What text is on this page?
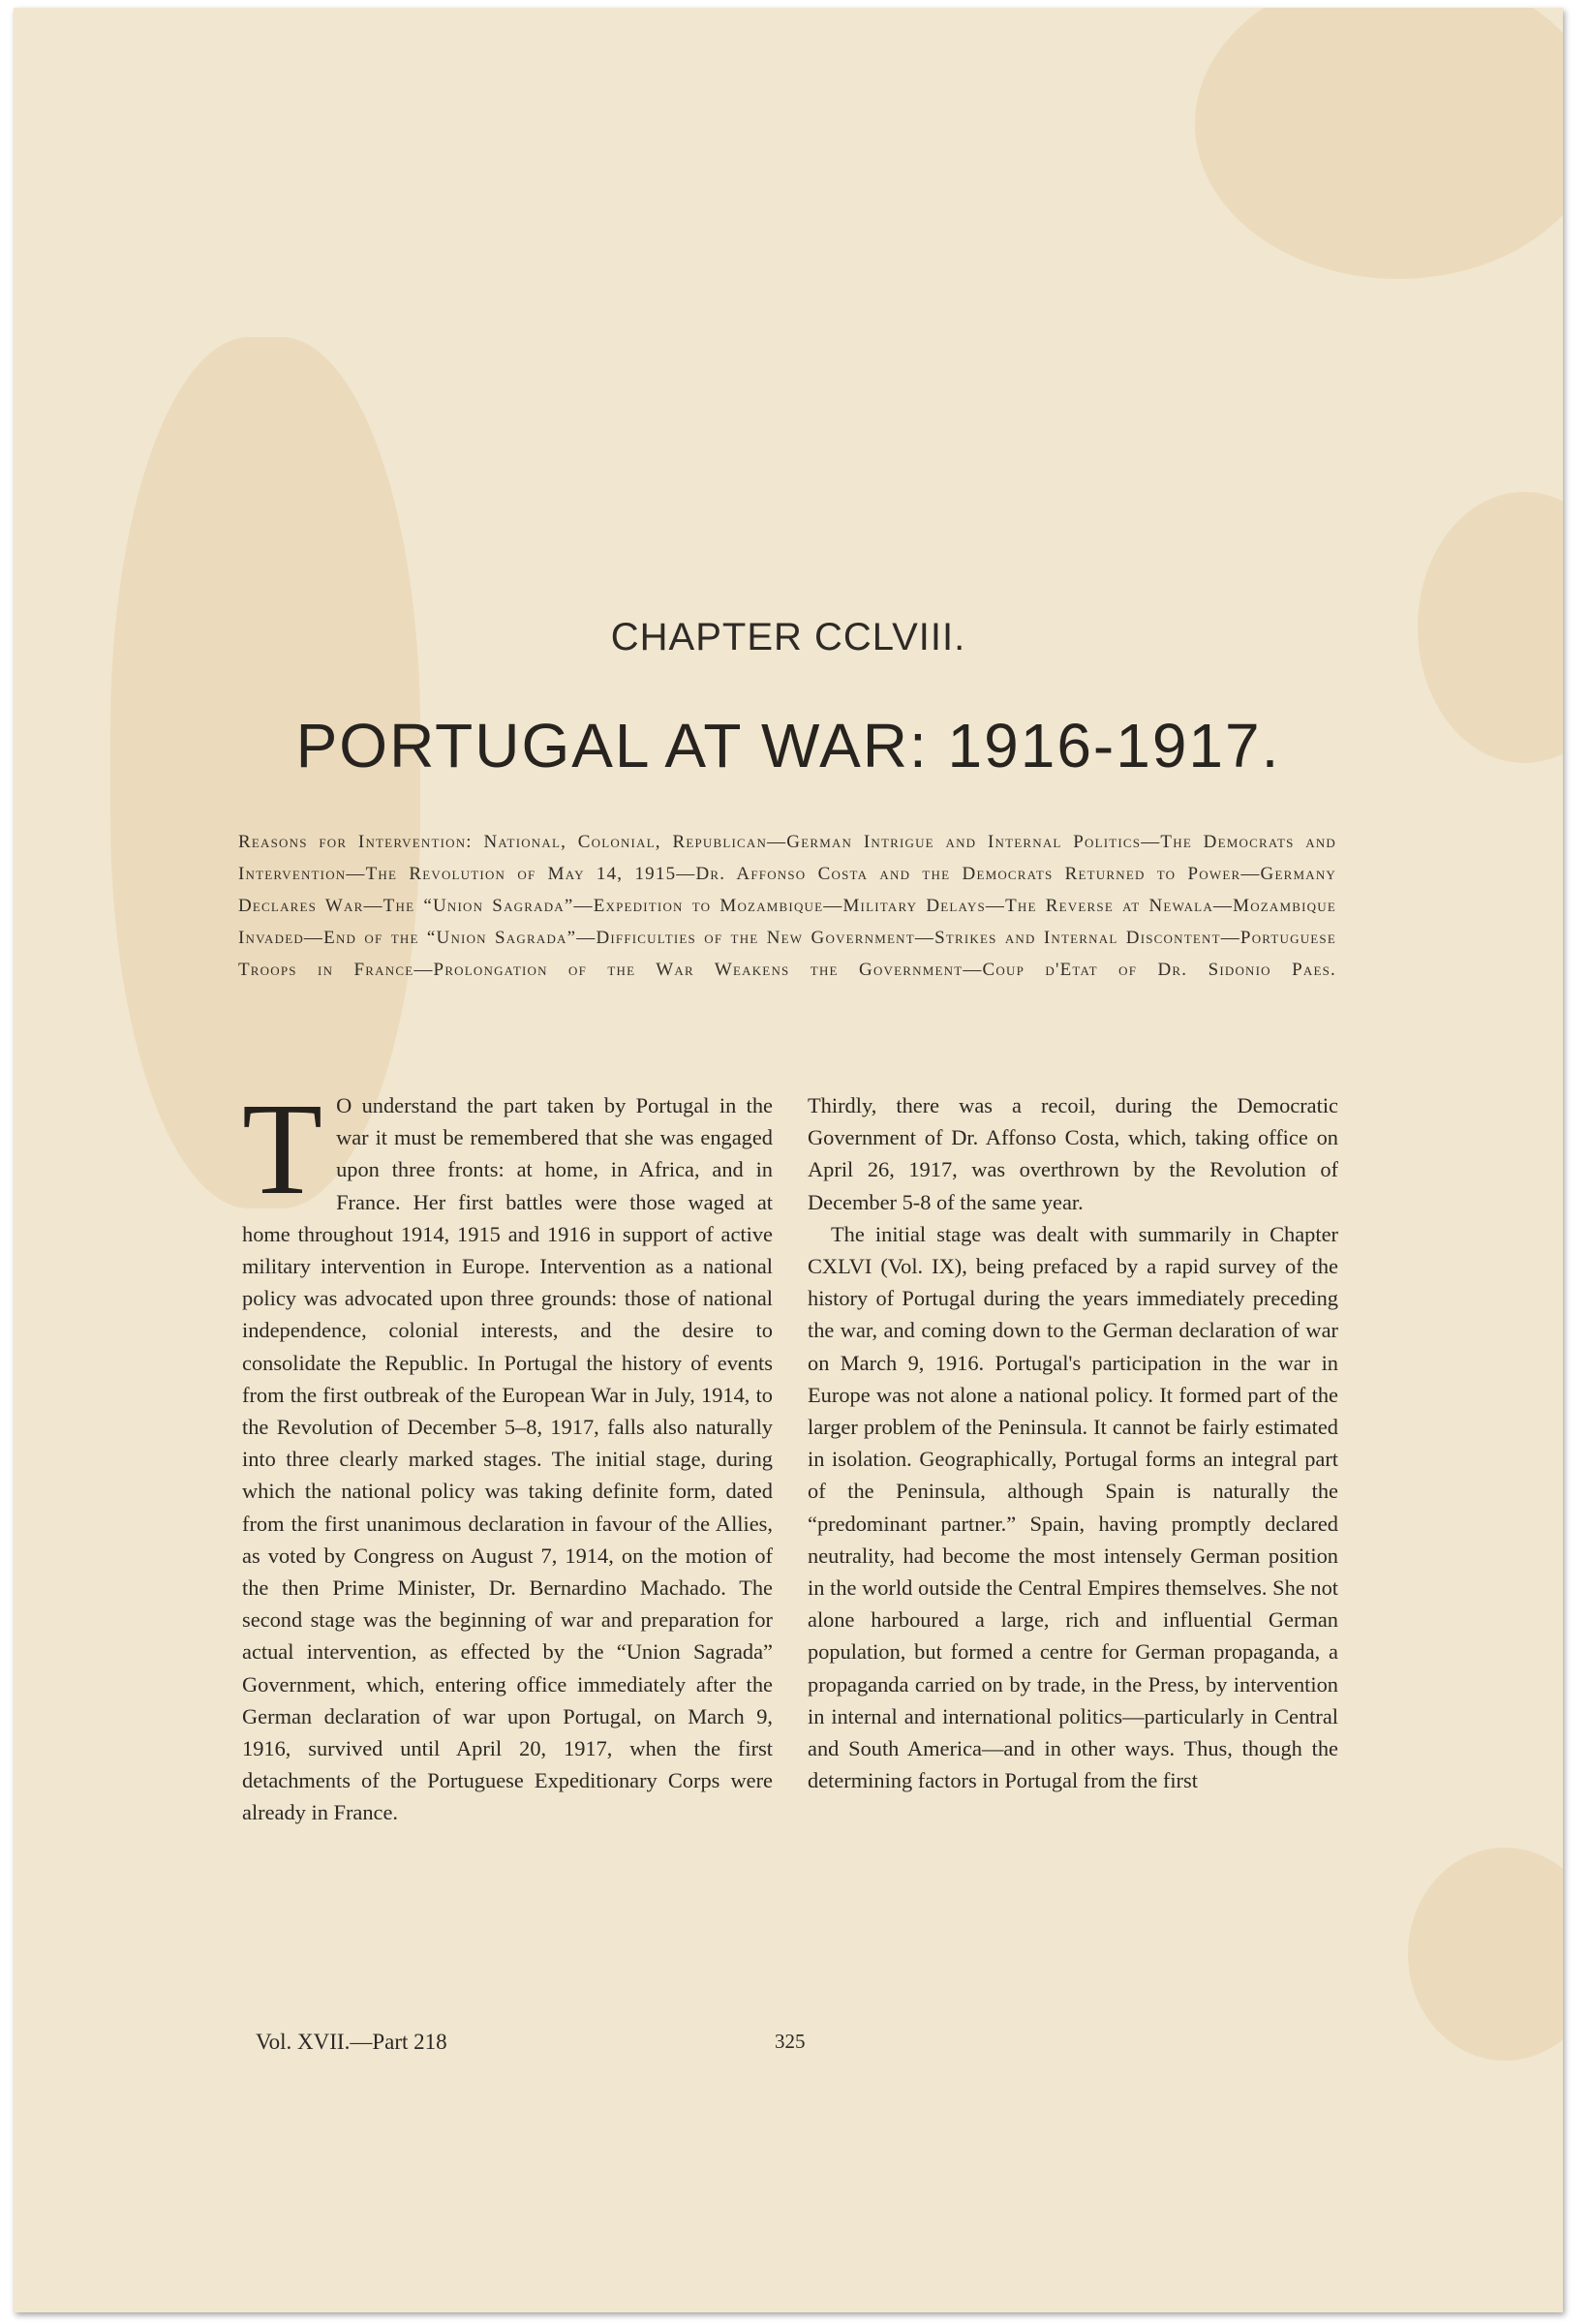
CHAPTER CCLVIII.
PORTUGAL AT WAR: 1916-1917.
Reasons for Intervention: National, Colonial, Republican—German Intrigue and Internal Politics—The Democrats and Intervention—The Revolution of May 14, 1915—Dr. Affonso Costa and the Democrats Returned to Power—Germany Declares War—The “Union Sagrada”—Expedition to Mozambique—Military Delays—The Reverse at Newala—Mozambique Invaded—End of the “Union Sagrada”—Difficulties of the New Government—Strikes and Internal Discontent—Portuguese Troops in France—Prolongation of the War Weakens the Government—Coup d'Etat of Dr. Sidonio Paes.

T O understand the part taken by Portugal in the war it must be remembered that she was engaged upon three fronts: at home, in Africa, and in France. Her first battles were those waged at home throughout 1914, 1915 and 1916 in support of active military intervention in Europe. Intervention as a national policy was advocated upon three grounds: those of national independence, colonial interests, and the desire to consolidate the Republic. In Portugal the history of events from the first outbreak of the European War in July, 1914, to the Revolution of December 5–8, 1917, falls also naturally into three clearly marked stages. The initial stage, during which the national policy was taking definite form, dated from the first unanimous declaration in favour of the Allies, as voted by Congress on August 7, 1914, on the motion of the then Prime Minister, Dr. Bernardino Machado. The second stage was the beginning of war and preparation for actual intervention, as effected by the “Union Sagrada” Government, which, entering office immediately after the German declaration of war upon Portugal, on March 9, 1916, survived until April 20, 1917, when the first detachments of the Portuguese Expeditionary Corps were already in France.

Thirdly, there was a recoil, during the Democratic Government of Dr. Affonso Costa, which, taking office on April 26, 1917, was overthrown by the Revolution of December 5-8 of the same year.

The initial stage was dealt with summarily in Chapter CXLVI (Vol. IX), being prefaced by a rapid survey of the history of Portugal during the years immediately preceding the war, and coming down to the German declaration of war on March 9, 1916. Portugal's participation in the war in Europe was not alone a national policy. It formed part of the larger problem of the Peninsula. It cannot be fairly estimated in isolation. Geographically, Portugal forms an integral part of the Peninsula, although Spain is naturally the “predominant partner.” Spain, having promptly declared neutrality, had become the most intensely German position in the world outside the Central Empires themselves. She not alone harboured a large, rich and influential German population, but formed a centre for German propaganda, a propaganda carried on by trade, in the Press, by intervention in internal and international politics—particularly in Central and South America—and in other ways. Thus, though the determining factors in Portugal from the first

Vol. XVII.—Part 218	325
